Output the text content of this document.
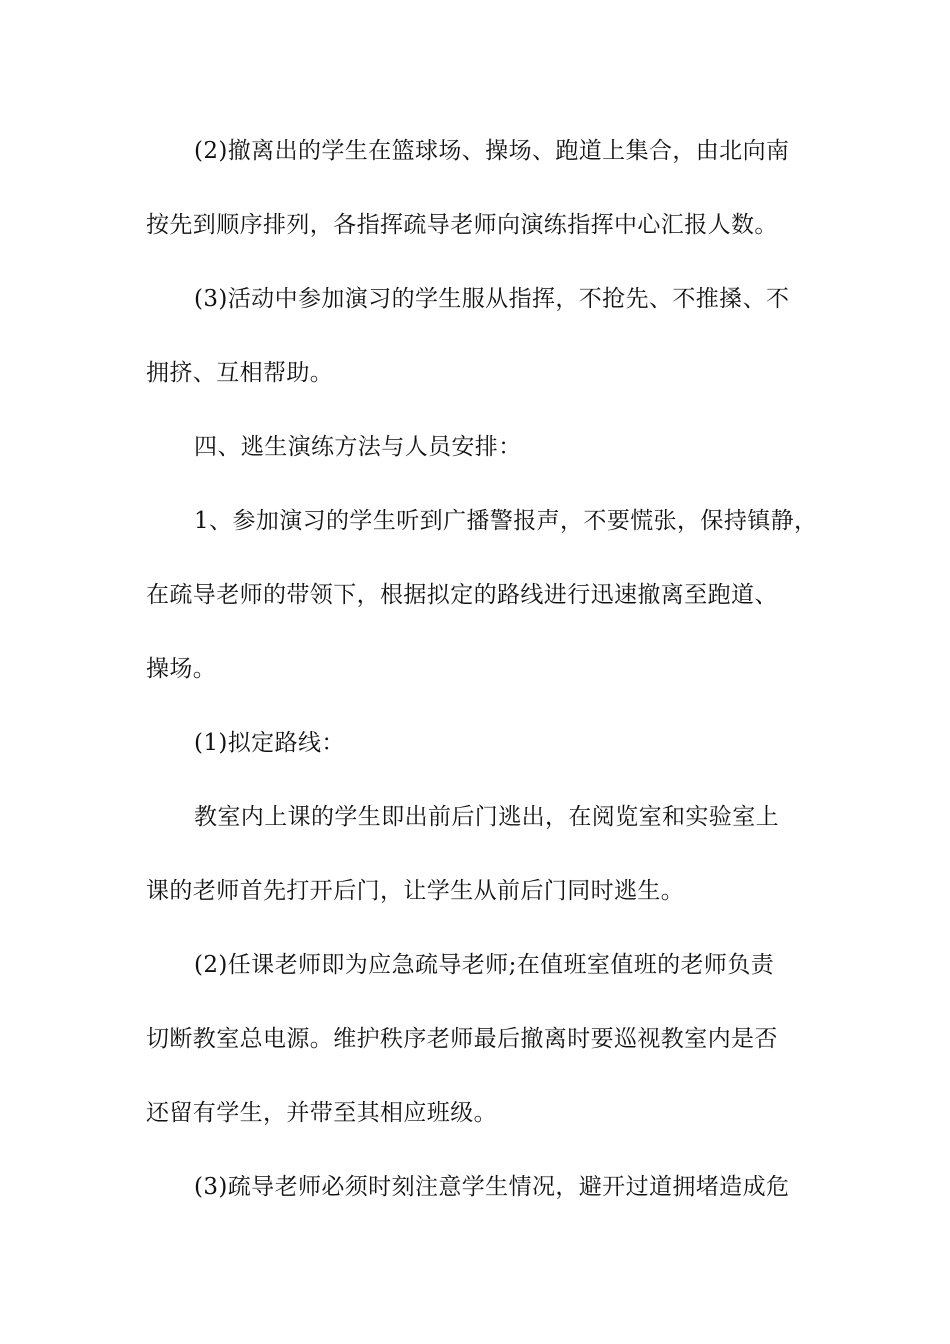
(2)撤离出的学生在篮球场、操场、跑道上集合，由北向南
按先到顺序排列，各指挥疏导老师向演练指挥中心汇报人数。
(3)活动中参加演习的学生服从指挥，不抢先、不推搡、不
拥挤、互相帮助。
四、逃生演练方法与人员安排：
1、参加演习的学生听到广播警报声，不要慌张，保持镇静，
在疏导老师的带领下，根据拟定的路线进行迅速撤离至跑道、
操场。
(1)拟定路线：
教室内上课的学生即出前后门逃出，在阅览室和实验室上
课的老师首先打开后门，让学生从前后门同时逃生。
(2)任课老师即为应急疏导老师;在值班室值班的老师负责
切断教室总电源。维护秩序老师最后撤离时要巡视教室内是否
还留有学生，并带至其相应班级。
(3)疏导老师必须时刻注意学生情况，避开过道拥堵造成危
